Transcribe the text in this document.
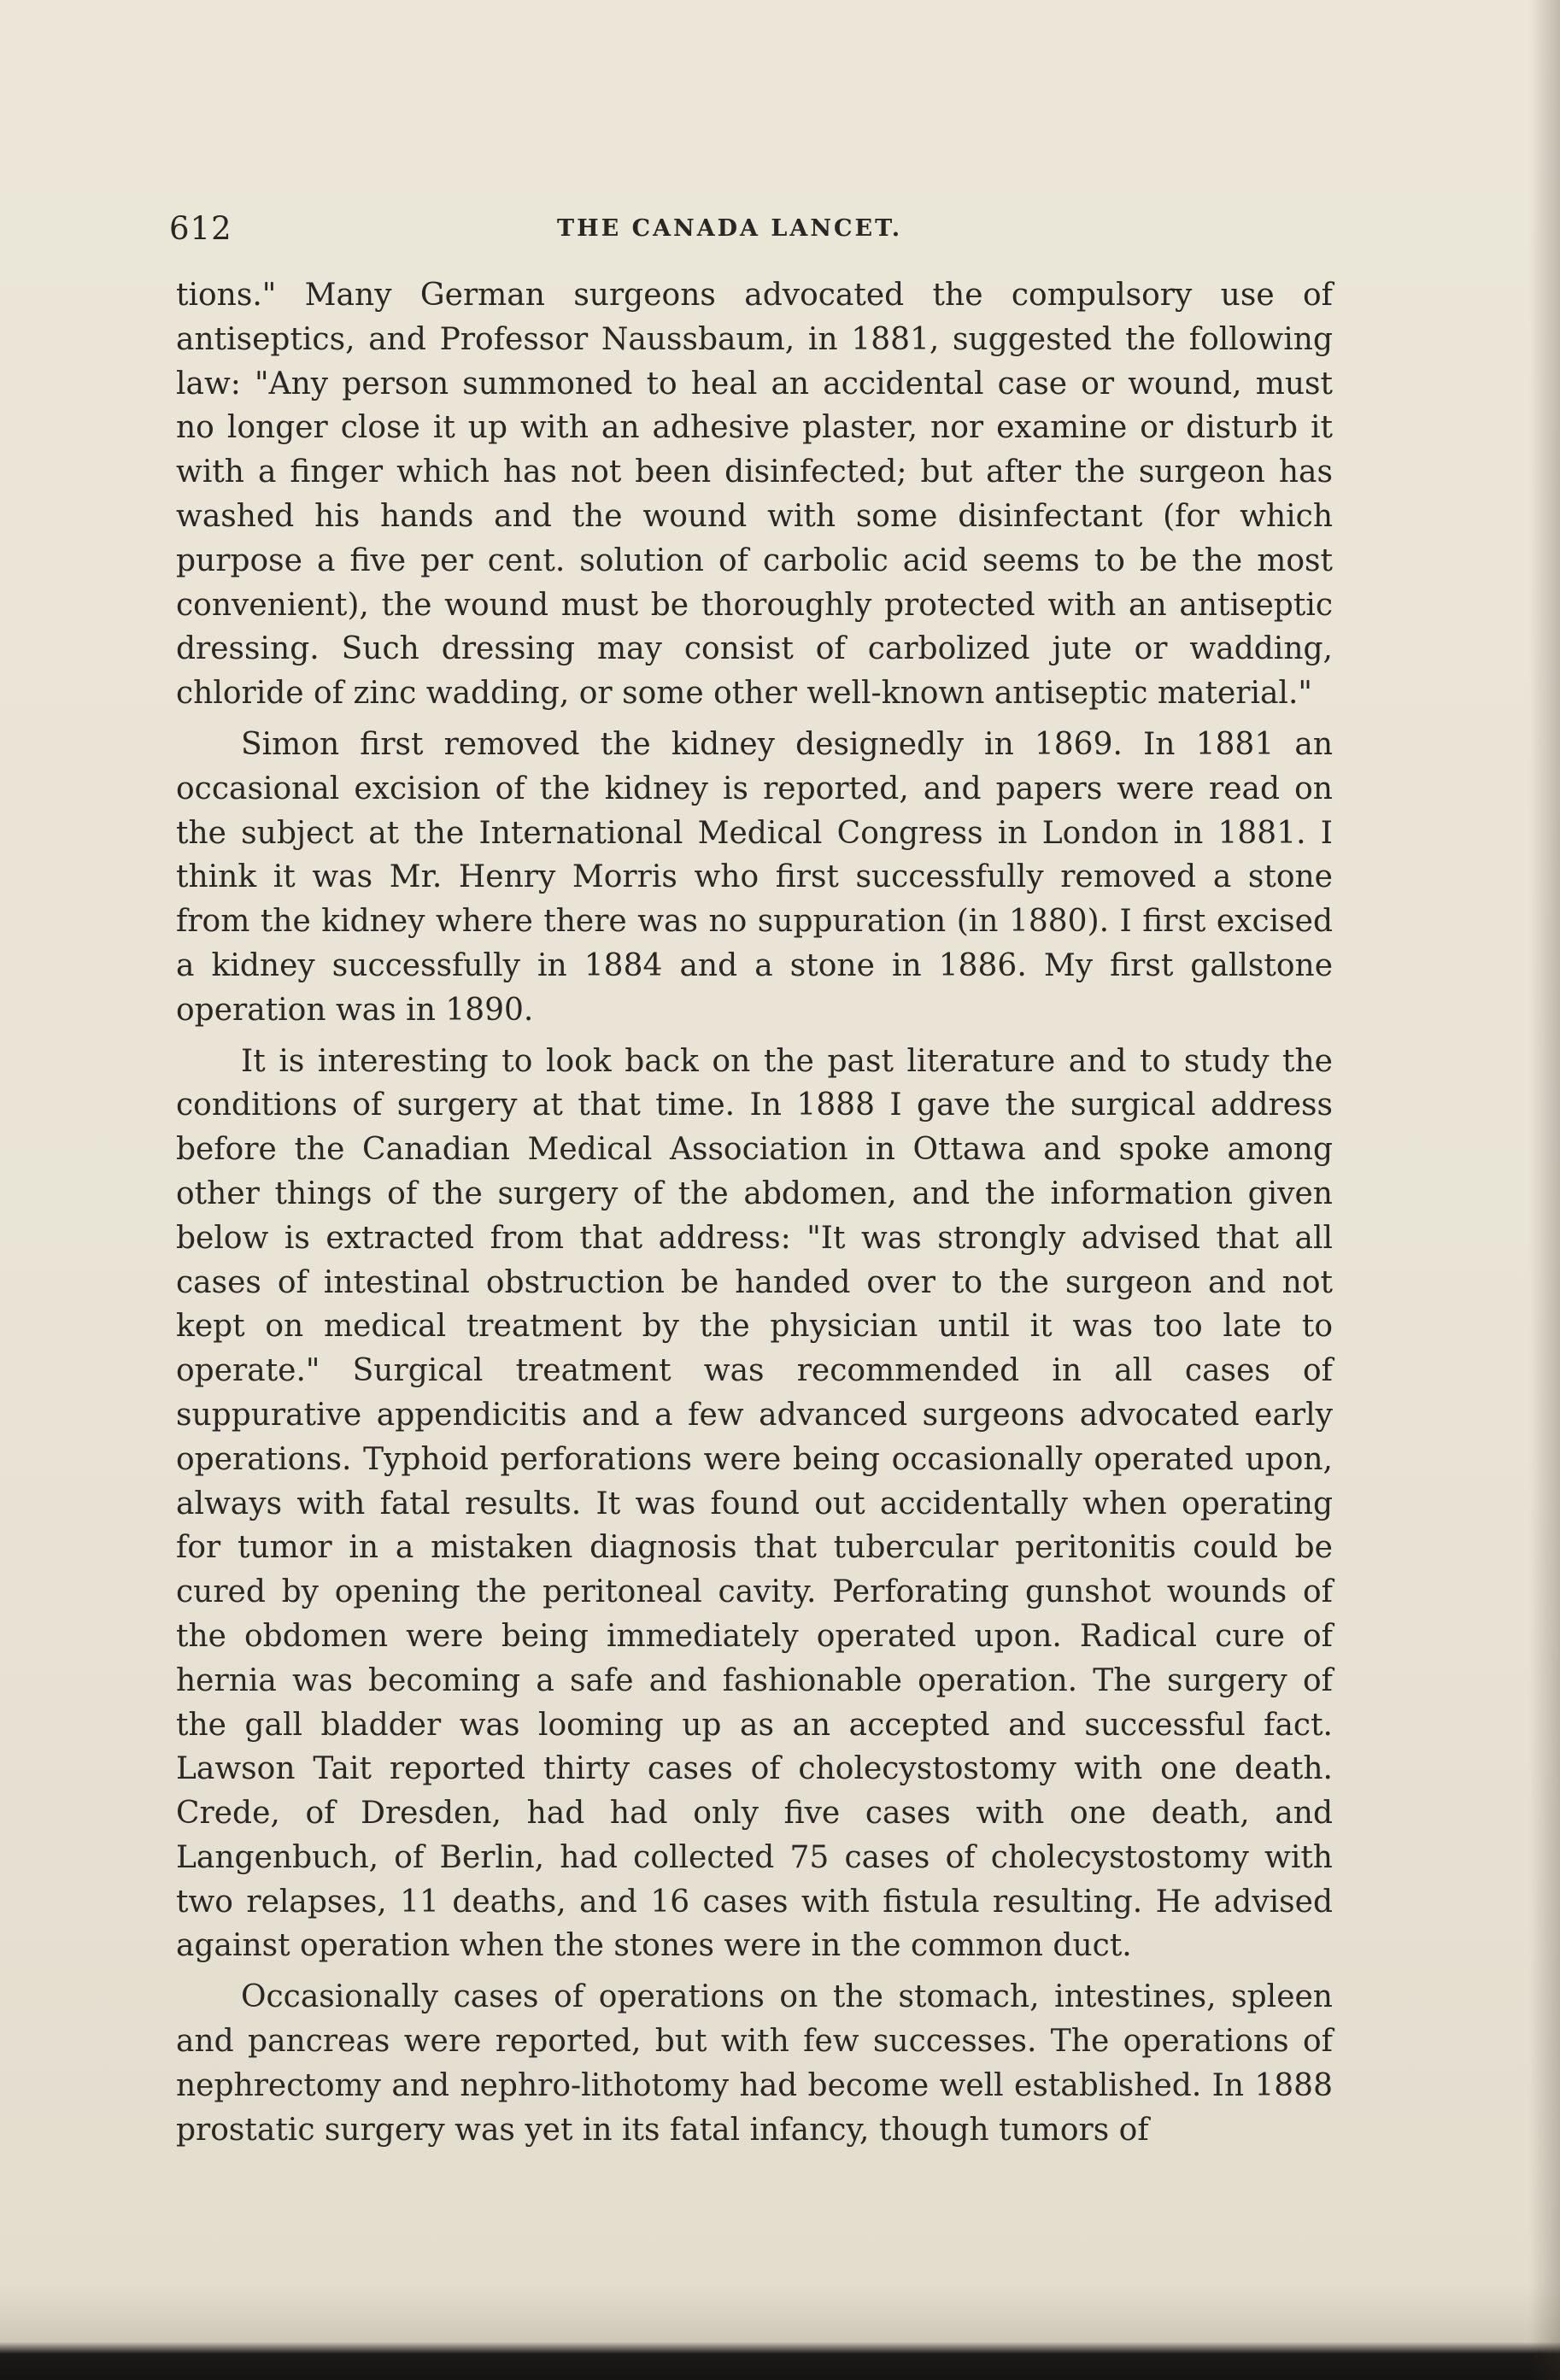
612	THE CANADA LANCET.

tions." Many German surgeons advocated the compulsory use of antiseptics, and Professor Naussbaum, in 1881, suggested the following law: "Any person summoned to heal an accidental case or wound, must no longer close it up with an adhesive plaster, nor examine or disturb it with a finger which has not been disinfected; but after the surgeon has washed his hands and the wound with some disinfectant (for which purpose a five per cent. solution of carbolic acid seems to be the most convenient), the wound must be thoroughly protected with an antiseptic dressing. Such dressing may consist of carbolized jute or wadding, chloride of zinc wadding, or some other well-known antiseptic material."

Simon first removed the kidney designedly in 1869. In 1881 an occasional excision of the kidney is reported, and papers were read on the subject at the International Medical Congress in London in 1881. I think it was Mr. Henry Morris who first successfully removed a stone from the kidney where there was no suppuration (in 1880). I first excised a kidney successfully in 1884 and a stone in 1886. My first gallstone operation was in 1890.

It is interesting to look back on the past literature and to study the conditions of surgery at that time. In 1888 I gave the surgical address before the Canadian Medical Association in Ottawa and spoke among other things of the surgery of the abdomen, and the information given below is extracted from that address: "It was strongly advised that all cases of intestinal obstruction be handed over to the surgeon and not kept on medical treatment by the physician until it was too late to operate." Surgical treatment was recommended in all cases of suppurative appendicitis and a few advanced surgeons advocated early operations. Typhoid perforations were being occasionally operated upon, always with fatal results. It was found out accidentally when operating for tumor in a mistaken diagnosis that tubercular peritonitis could be cured by opening the peritoneal cavity. Perforating gunshot wounds of the obdomen were being immediately operated upon. Radical cure of hernia was becoming a safe and fashionable operation. The surgery of the gall bladder was looming up as an accepted and successful fact. Lawson Tait reported thirty cases of cholecystostomy with one death. Crede, of Dresden, had had only five cases with one death, and Langenbuch, of Berlin, had collected 75 cases of cholecystostomy with two relapses, 11 deaths, and 16 cases with fistula resulting. He advised against operation when the stones were in the common duct.

Occasionally cases of operations on the stomach, intestines, spleen and pancreas were reported, but with few successes. The operations of nephrectomy and nephro-lithotomy had become well established. In 1888 prostatic surgery was yet in its fatal infancy, though tumors of
